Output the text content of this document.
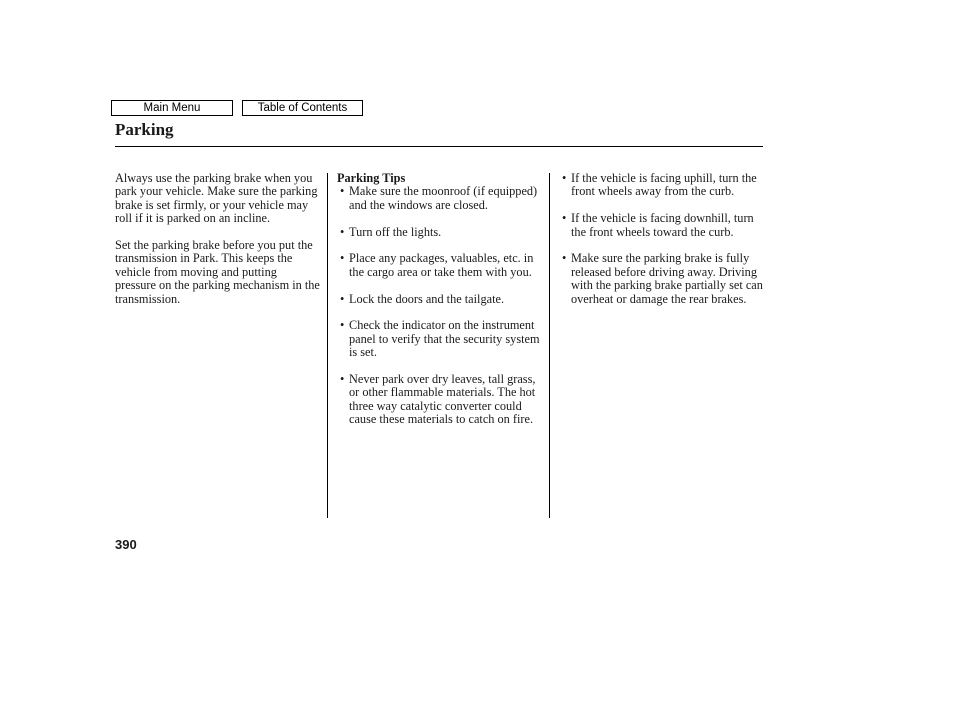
Main Menu	Table of Contents
Parking

Always use the parking brake when you park your vehicle. Make sure the parking brake is set firmly, or your vehicle may roll if it is parked on an incline.

Set the parking brake before you put the transmission in Park. This keeps the vehicle from moving and putting pressure on the parking mechanism in the transmission.

Parking Tips
• Make sure the moonroof (if equipped) and the windows are closed.
• Turn off the lights.
• Place any packages, valuables, etc. in the cargo area or take them with you.
• Lock the doors and the tailgate.
• Check the indicator on the instrument panel to verify that the security system is set.
• Never park over dry leaves, tall grass, or other flammable materials. The hot three way catalytic converter could cause these materials to catch on fire.
• If the vehicle is facing uphill, turn the front wheels away from the curb.
• If the vehicle is facing downhill, turn the front wheels toward the curb.
• Make sure the parking brake is fully released before driving away. Driving with the parking brake partially set can overheat or damage the rear brakes.
390
